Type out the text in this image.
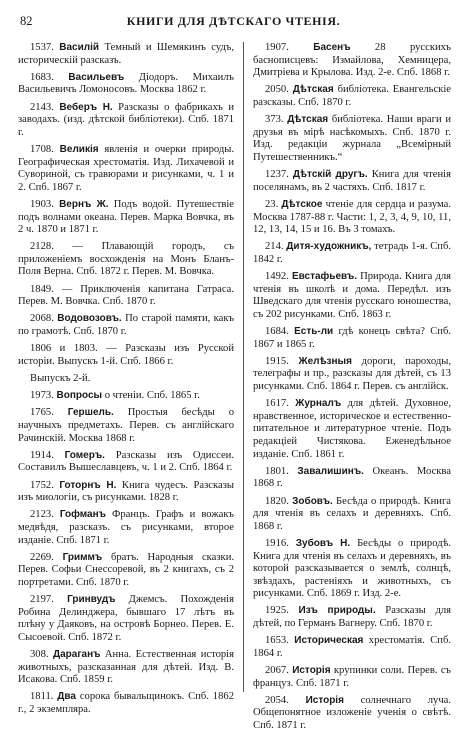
82	КНИГИ ДЛЯ ДѢТСКАГО ЧТЕНІЯ.

1537. Василій Темный и Шемякинъ судъ, историческій разсказъ.

1683. Васильевъ Діодоръ. Михаилъ Васильевичъ Ломоносовъ. Москва 1862 г.

2143. Веберъ Н. Разсказы о фабрикахъ и заводахъ. (изд. дѣтской библіотеки). Спб. 1871 г.

1708. Великія явленія и очерки природы. Географическая хрестоматія. Изд. Лихачевой и Сувориной, съ гравюрами и рисунками, ч. 1 и 2. Спб. 1867 г.

1903. Вернъ Ж. Подъ водой. Путешествіе подъ волнами океана. Перев. Марка Вовчка, въ 2 ч. 1870 и 1871 г.

2128. — Плавающій городъ, съ приложеніемъ восхожденія на Монъ Бланъ-Поля Верна. Спб. 1872 г. Перев. М. Вовчка.

1849. — Приключенія капитана Гатраса. Перев. М. Вовчка. Спб. 1870 г.

2068. Водовозовъ. По старой памяти, какъ по грамотѣ. Спб. 1870 г.

1806 и 1803. — Разсказы изъ Русской исторіи. Выпускъ 1-й. Спб. 1866 г.

Выпускъ 2-й.

1973. Вопросы о чтеніи. Спб. 1865 г.

1765. Гершель. Простыя бесѣды о научныхъ предметахъ. Перев. съ англійскаго Рачинскій. Москва 1868 г.

1914. Гомеръ. Разсказы изъ Одиссеи. Составилъ Вышеславцевъ, ч. 1 и 2. Спб. 1864 г.

1752. Готорнъ Н. Книга чудесъ. Разсказы изъ миологіи, съ рисунками. 1828 г.

2123. Гофманъ Францъ. Графъ и вожакъ медвѣдя, разсказъ. съ рисунками, второе изданіе. Спб. 1871 г.

2269. Гриммъ братъ. Народныя сказки. Перев. Софьи Снессоревой, въ 2 книгахъ, съ 2 портретами. Спб. 1870 г.

2197. Гринвудъ Джемсъ. Похожденія Робина Делинджера, бывшаго 17 лѣтъ въ плѣну у Даяковъ, на островѣ Борнео. Перев. Е. Сысоевой. Спб. 1872 г.

308. Дараганъ Анна. Естественная исторія животныхъ, разсказанная для дѣтей. Изд. В. Исакова. Спб. 1859 г.

1811. Два сорока бывальщинокъ. Спб. 1862 г., 2 экземпляра.

1907. Басенъ 28 русскихъ баснописцевъ: Измайлова, Хемницера, Дмитріева и Крылова. Изд. 2-е. Спб. 1868 г.

2050. Дѣтская библіотека. Евангельскіе разсказы. Спб. 1870 г.

373. Дѣтская библіотека. Наши враги и друзья въ мірѣ насѣкомыхъ. Спб. 1870 г. Изд. редакціи журнала „Всемірный Путешественникъ.“

1237. Дѣтскій другъ. Книга для чтенія поселянамъ, въ 2 частяхъ. Спб. 1817 г.

23. Дѣтское чтеніе для сердца и разума. Москва 1787-88 г. Части: 1, 2, 3, 4, 9, 10, 11, 12, 13, 14, 15 и 16. Въ 3 томахъ.

214. Дитя-художникъ, тетрадь 1-я. Спб. 1842 г.

1492. Евстафьевъ. Природа. Книга для чтенія въ школѣ и дома. Передѣл. изъ Шведскаго для чтенія русскаго юношества, съ 202 рисунками. Спб. 1863 г.

1684. Есть-ли гдѣ конецъ свѣта? Спб. 1867 и 1865 г.

1915. Желѣзныя дороги, пароходы, телеграфы и пр., разсказы для дѣтей, съ 13 рисунками. Спб. 1864 г. Перев. съ англійск.

1617. Журналъ для дѣтей. Духовное, нравственное, историческое и естественно-питательное и литературное чтеніе. Подъ редакціей Чистякова. Еженедѣльное изданіе. Спб. 1861 г.

1801. Завалишинъ. Океанъ. Москва 1868 г.

1820. Зобовъ. Бесѣда о природѣ. Книга для чтенія въ селахъ и деревняхъ. Спб. 1868 г.

1916. Зубовъ Н. Бесѣды о природѣ. Книга для чтенія въ селахъ и деревняхъ, въ которой разсказывается о землѣ, солнцѣ, звѣздахъ, растеніяхъ и животныхъ, съ рисунками. Спб. 1869 г. Изд. 2-е.

1925. Изъ природы. Разсказы для дѣтей, по Германъ Вагнеру. Спб. 1870 г.

1653. Историческая хрестоматія. Спб. 1864 г.

2067. Исторія крупинки соли. Перев. съ француз. Спб. 1871 г.

2054. Исторія солнечнаго луча. Общепонятное изложеніе ученія о свѣтѣ. Спб. 1871 г.
